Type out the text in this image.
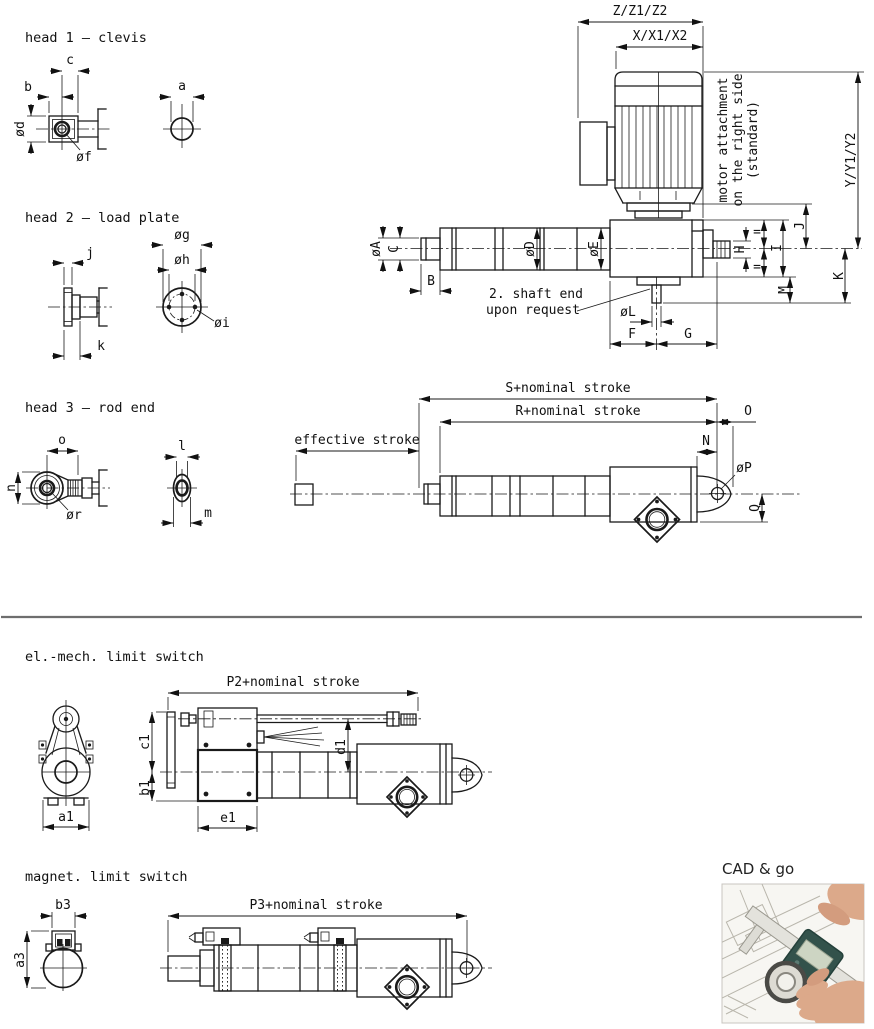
head 1 – clevis
c
b
ød
øf
a
head 2 – load plate
j
k
øg
øh
øi
head 3 – rod end
o
n
ør
l
m
motor attachment on the right side (standard)
Z/Z1/Z2
X/X1/X2
øA C
B
øD	øE
2. shaft end
upon request	øL
F	G
H
=
=
I
J
M
K
Y/Y1/Y2
effective stroke
S+nominal stroke
R+nominal stroke	O
N
øP
Q
el.-mech. limit switch
a1
P2+nominal stroke
d1
c1
b1
e1
magnet. limit switch
b3
a3
P3+nominal stroke
CAD & go
